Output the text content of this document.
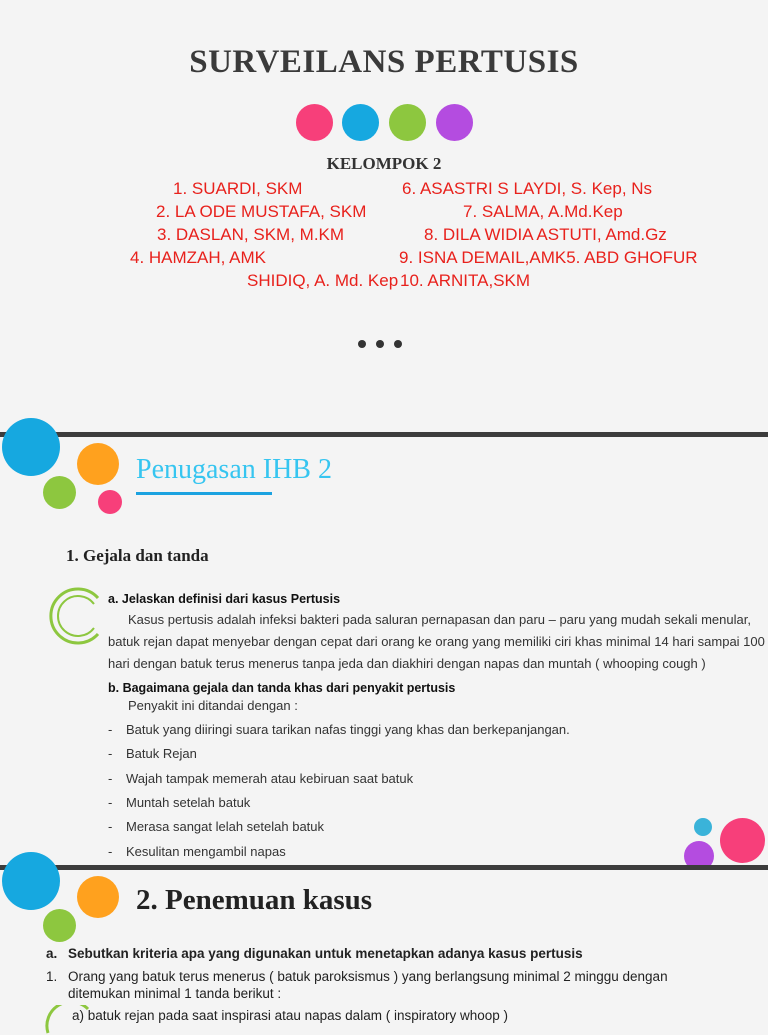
SURVEILANS PERTUSIS
KELOMPOK 2
1. SUARDI, SKM
2. LA ODE MUSTAFA, SKM
3. DASLAN, SKM, M.KM
4. HAMZAH, AMK
SHIDIQ, A. Md. Kep
6. ASASTRI S LAYDI, S. Kep, Ns
7. SALMA, A.Md.Kep
8. DILA WIDIA ASTUTI, Amd.Gz
9. ISNA DEMAIL,AMK5. ABD GHOFUR
10. ARNITA,SKM
Penugasan IHB 2
1. Gejala dan tanda
a. Jelaskan definisi dari kasus Pertusis
Kasus pertusis adalah infeksi bakteri pada saluran pernapasan dan paru – paru yang mudah sekali menular,
batuk rejan dapat menyebar dengan cepat dari orang ke orang yang memiliki ciri khas minimal 14 hari sampai 100
hari dengan batuk terus menerus tanpa jeda dan diakhiri dengan napas dan muntah ( whooping cough )
b. Bagaimana gejala dan tanda khas dari penyakit pertusis
Penyakit ini ditandai dengan :
- Batuk yang diiringi suara tarikan nafas tinggi yang khas dan berkepanjangan.
- Batuk Rejan
- Wajah tampak memerah atau kebiruan saat batuk
- Muntah setelah batuk
- Merasa sangat lelah setelah batuk
- Kesulitan mengambil napas
2. Penemuan kasus
a. Sebutkan kriteria apa yang digunakan untuk menetapkan adanya kasus pertusis
1. Orang yang batuk terus menerus ( batuk paroksismus ) yang berlangsung minimal 2 minggu dengan
ditemukan minimal 1 tanda berikut :
a) batuk rejan pada saat inspirasi atau napas dalam ( inspiratory whoop )
